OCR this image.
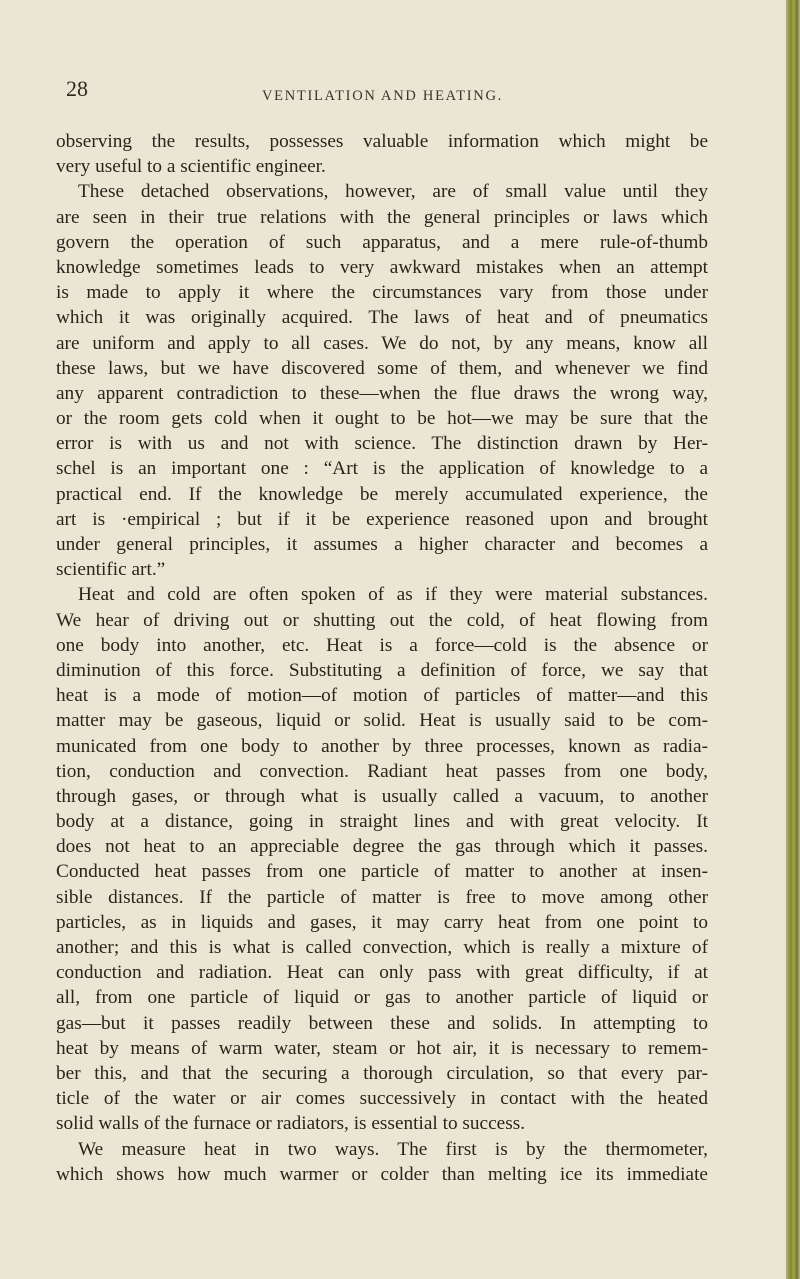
28	VENTILATION AND HEATING.
observing the results, possesses valuable information which might be
very useful to a scientific engineer.
These detached observations, however, are of small value until they
are seen in their true relations with the general principles or laws which
govern the operation of such apparatus, and a mere rule-of-thumb
knowledge sometimes leads to very awkward mistakes when an attempt
is made to apply it where the circumstances vary from those under
which it was originally acquired. The laws of heat and of pneumatics
are uniform and apply to all cases. We do not, by any means, know all
these laws, but we have discovered some of them, and whenever we find
any apparent contradiction to these—when the flue draws the wrong way,
or the room gets cold when it ought to be hot—we may be sure that the
error is with us and not with science. The distinction drawn by Her-
schel is an important one : “Art is the application of knowledge to a
practical end. If the knowledge be merely accumulated experience, the
art is ·empirical ; but if it be experience reasoned upon and brought
under general principles, it assumes a higher character and becomes a
scientific art.”
Heat and cold are often spoken of as if they were material substances.
We hear of driving out or shutting out the cold, of heat flowing from
one body into another, etc. Heat is a force—cold is the absence or
diminution of this force. Substituting a definition of force, we say that
heat is a mode of motion—of motion of particles of matter—and this
matter may be gaseous, liquid or solid. Heat is usually said to be com-
municated from one body to another by three processes, known as radia-
tion, conduction and convection. Radiant heat passes from one body,
through gases, or through what is usually called a vacuum, to another
body at a distance, going in straight lines and with great velocity. It
does not heat to an appreciable degree the gas through which it passes.
Conducted heat passes from one particle of matter to another at insen-
sible distances. If the particle of matter is free to move among other
particles, as in liquids and gases, it may carry heat from one point to
another; and this is what is called convection, which is really a mixture of
conduction and radiation. Heat can only pass with great difficulty, if at
all, from one particle of liquid or gas to another particle of liquid or
gas—but it passes readily between these and solids. In attempting to
heat by means of warm water, steam or hot air, it is necessary to remem-
ber this, and that the securing a thorough circulation, so that every par-
ticle of the water or air comes successively in contact with the heated
solid walls of the furnace or radiators, is essential to success.
We measure heat in two ways. The first is by the thermometer,
which shows how much warmer or colder than melting ice its immediate
